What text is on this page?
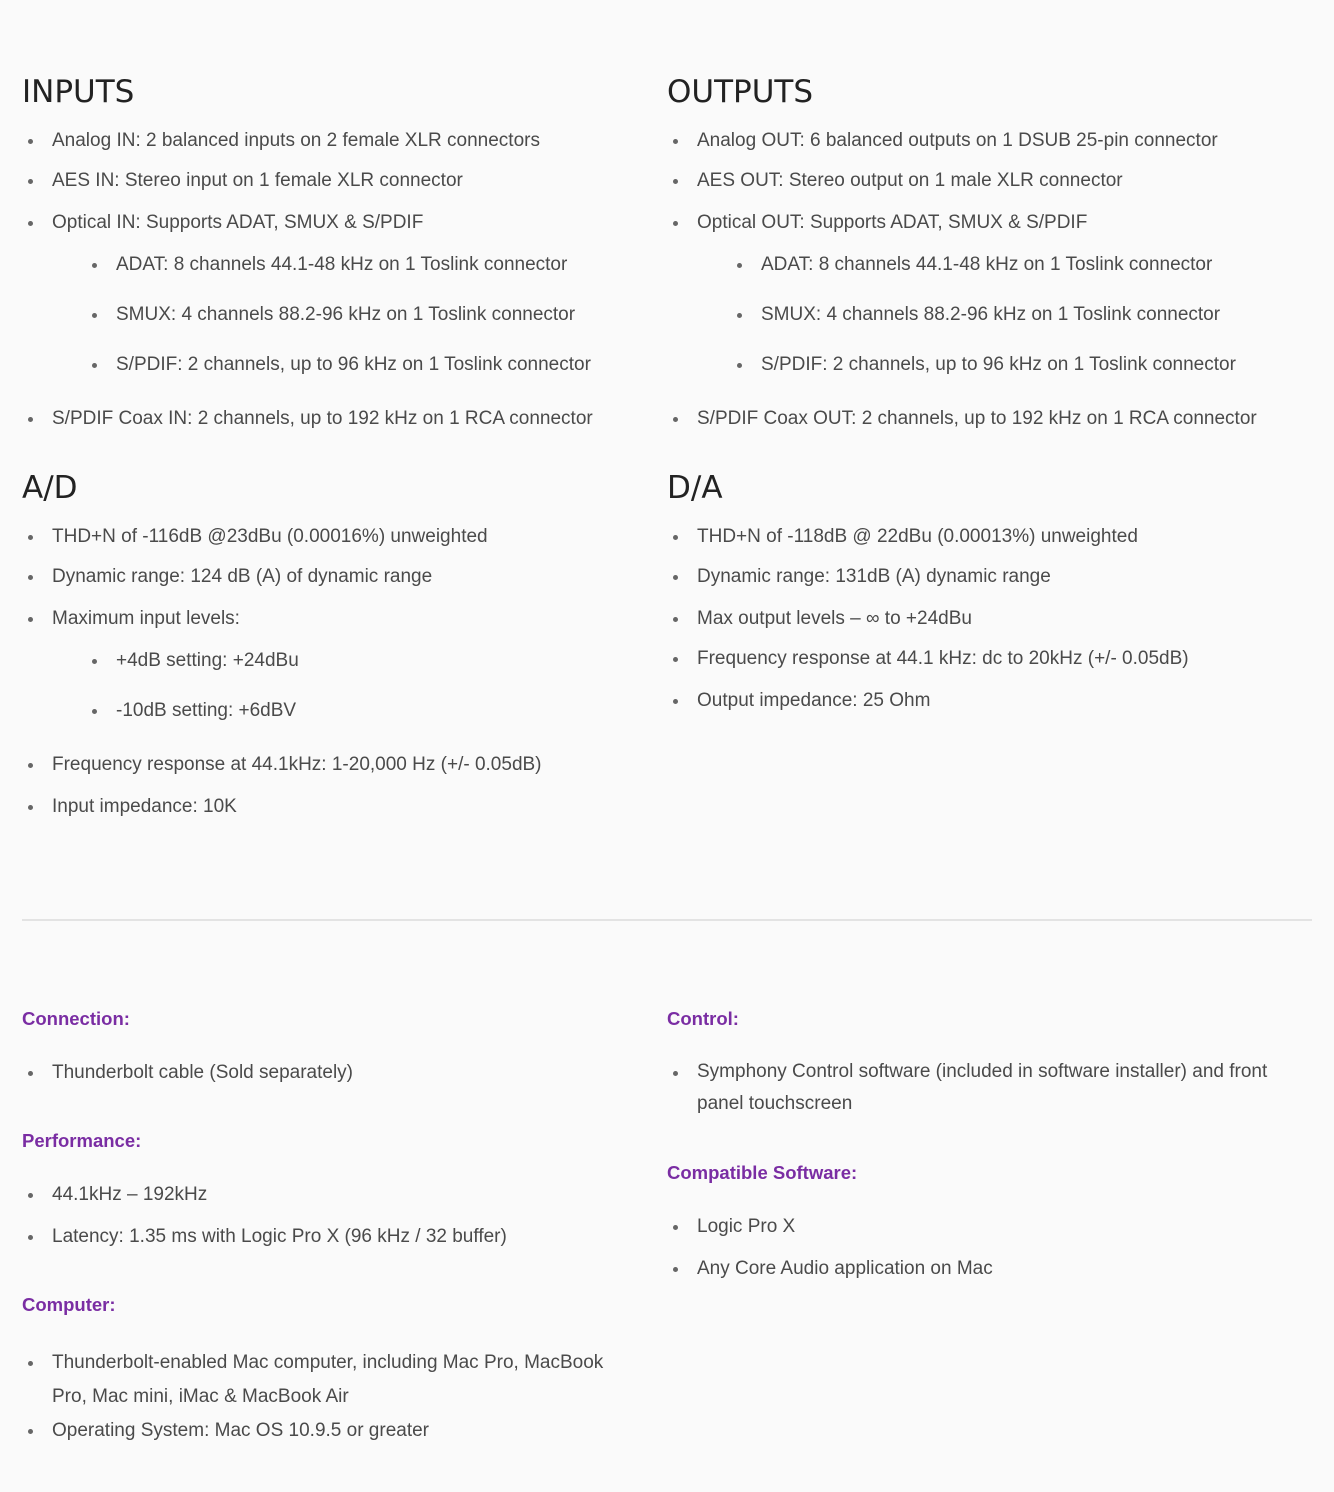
INPUTS
Analog IN: 2 balanced inputs on 2 female XLR connectors
AES IN: Stereo input on 1 female XLR connector
Optical IN: Supports ADAT, SMUX & S/PDIF
ADAT: 8 channels 44.1-48 kHz on 1 Toslink connector
SMUX: 4 channels 88.2-96 kHz on 1 Toslink connector
S/PDIF: 2 channels, up to 96 kHz on 1 Toslink connector
S/PDIF Coax IN: 2 channels, up to 192 kHz on 1 RCA connector
OUTPUTS
Analog OUT: 6 balanced outputs on 1 DSUB 25-pin connector
AES OUT: Stereo output on 1 male XLR connector
Optical OUT: Supports ADAT, SMUX & S/PDIF
ADAT: 8 channels 44.1-48 kHz on 1 Toslink connector
SMUX: 4 channels 88.2-96 kHz on 1 Toslink connector
S/PDIF: 2 channels, up to 96 kHz on 1 Toslink connector
S/PDIF Coax OUT: 2 channels, up to 192 kHz on 1 RCA connector
A/D
THD+N of -116dB @23dBu (0.00016%) unweighted
Dynamic range: 124 dB (A) of dynamic range
Maximum input levels:
+4dB setting: +24dBu
-10dB setting: +6dBV
Frequency response at 44.1kHz: 1-20,000 Hz (+/- 0.05dB)
Input impedance: 10K
D/A
THD+N of -118dB @ 22dBu (0.00013%) unweighted
Dynamic range: 131dB (A) dynamic range
Max output levels – ∞ to +24dBu
Frequency response at 44.1 kHz: dc to 20kHz (+/- 0.05dB)
Output impedance: 25 Ohm
Connection:
Thunderbolt cable (Sold separately)
Performance:
44.1kHz – 192kHz
Latency: 1.35 ms with Logic Pro X (96 kHz / 32 buffer)
Computer:
Thunderbolt-enabled Mac computer, including Mac Pro, MacBook Pro, Mac mini, iMac & MacBook Air
Operating System: Mac OS 10.9.5 or greater
Control:
Symphony Control software (included in software installer) and front panel touchscreen
Compatible Software:
Logic Pro X
Any Core Audio application on Mac
